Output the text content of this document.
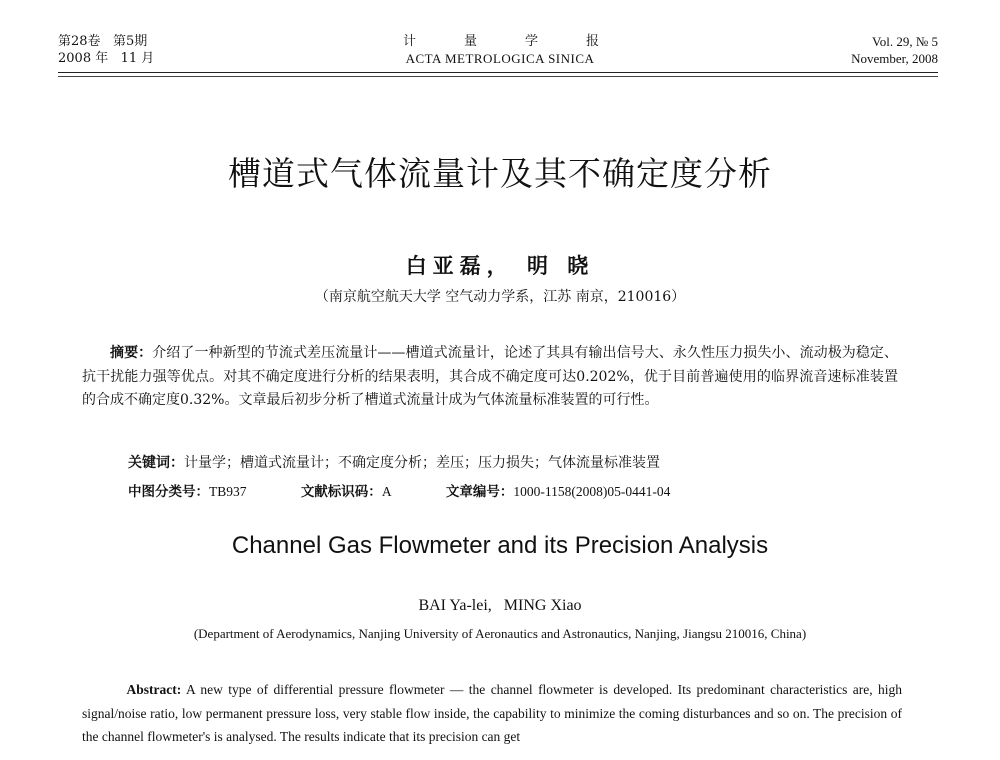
第28卷 第5期
2008 年 11 月
计量学报
ACTA METROLOGICA SINICA
Vol. 29, № 5
November, 2008
槽道式气体流量计及其不确定度分析
白亚磊， 明 晓
（南京航空航天大学 空气动力学系，江苏 南京，210016）
摘要：介绍了一种新型的节流式差压流量计——槽道式流量计，论述了其具有输出信号大、永久性压力损失小、流动极为稳定、抗干扰能力强等优点。对其不确定度进行分析的结果表明，其合成不确定度可达0.202%，优于目前普遍使用的临界流音速标准装置的合成不确定度0.32%。文章最后初步分析了槽道式流量计成为气体流量标准装置的可行性。
关键词：计量学；槽道式流量计；不确定度分析；差压；压力损失；气体流量标准装置
中图分类号：TB937	文献标识码：A	文章编号：1000-1158(2008)05-0441-04
Channel Gas Flowmeter and its Precision Analysis
BAI Ya-lei,   MING Xiao
(Department of Aerodynamics, Nanjing University of Aeronautics and Astronautics, Nanjing, Jiangsu 210016, China)
Abstract: A new type of differential pressure flowmeter — the channel flowmeter is developed. Its predominant characteristics are, high signal/noise ratio, low permanent pressure loss, very stable flow inside, the capability to minimize the coming disturbances and so on. The precision of the channel flowmeter's is analysed. The results indicate that its precision can get
